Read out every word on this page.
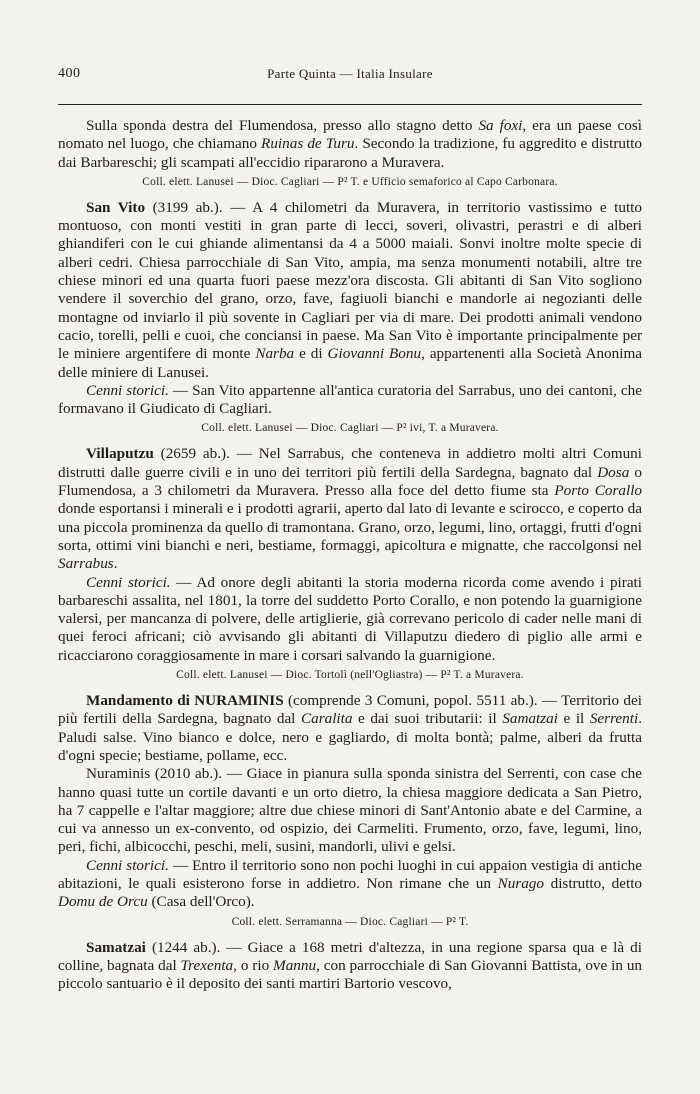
400	Parte Quinta — Italia Insulare

Sulla sponda destra del Flumendosa, presso allo stagno detto Sa foxi, era un paese così nomato nel luogo, che chiamano Ruinas de Turu. Secondo la tradizione, fu aggredito e distrutto dai Barbareschi; gli scampati all'eccidio ripararono a Muravera.

Coll. elett. Lanusei — Dioc. Cagliari — P² T. e Ufficio semaforico al Capo Carbonara.

San Vito (3199 ab.). — A 4 chilometri da Muravera, in territorio vastissimo e tutto montuoso, con monti vestiti in gran parte di lecci, soveri, olivastri, perastri e di alberi ghiandiferi con le cui ghiande alimentansi da 4 a 5000 maiali. Sonvi inoltre molte specie di alberi cedri. Chiesa parrocchiale di San Vito, ampia, ma senza monumenti notabili, altre tre chiese minori ed una quarta fuori paese mezz'ora discosta. Gli abitanti di San Vito sogliono vendere il soverchio del grano, orzo, fave, fagiuoli bianchi e mandorle ai negozianti delle montagne od inviarlo il più sovente in Cagliari per via di mare. Dei prodotti animali vendono cacio, torelli, pelli e cuoi, che conciansi in paese. Ma San Vito è importante principalmente per le miniere argentifere di monte Narba e di Giovanni Bonu, appartenenti alla Società Anonima delle miniere di Lanusei.

Cenni storici. — San Vito appartenne all'antica curatoria del Sarrabus, uno dei cantoni, che formavano il Giudicato di Cagliari.

Coll. elett. Lanusei — Dioc. Cagliari — P² ivi, T. a Muravera.

Villaputzu (2659 ab.). — Nel Sarrabus, che conteneva in addietro molti altri Comuni distrutti dalle guerre civili e in uno dei territori più fertili della Sardegna, bagnato dal Dosa o Flumendosa, a 3 chilometri da Muravera. Presso alla foce del detto fiume sta Porto Corallo donde esportansi i minerali e i prodotti agrarii, aperto dal lato di levante e scirocco, e coperto da una piccola prominenza da quello di tramontana. Grano, orzo, legumi, lino, ortaggi, frutti d'ogni sorta, ottimi vini bianchi e neri, bestiame, formaggi, apicoltura e mignatte, che raccolgonsi nel Sarrabus.

Cenni storici. — Ad onore degli abitanti la storia moderna ricorda come avendo i pirati barbareschi assalita, nel 1801, la torre del suddetto Porto Corallo, e non potendo la guarnigione valersi, per mancanza di polvere, delle artiglierie, già correvano pericolo di cader nelle mani di quei feroci africani; ciò avvisando gli abitanti di Villaputzu diedero di piglio alle armi e ricacciarono coraggiosamente in mare i corsari salvando la guarnigione.

Coll. elett. Lanusei — Dioc. Tortolì (nell'Ogliastra) — P² T. a Muravera.

Mandamento di NURAMINIS (comprende 3 Comuni, popol. 5511 ab.). — Territorio dei più fertili della Sardegna, bagnato dal Caralita e dai suoi tributarii: il Samatzai e il Serrenti. Paludi salse. Vino bianco e dolce, nero e gagliardo, di molta bontà; palme, alberi da frutta d'ogni specie; bestiame, pollame, ecc.

Nuraminis (2010 ab.). — Giace in pianura sulla sponda sinistra del Serrenti, con case che hanno quasi tutte un cortile davanti e un orto dietro, la chiesa maggiore dedicata a San Pietro, ha 7 cappelle e l'altar maggiore; altre due chiese minori di Sant'Antonio abate e del Carmine, a cui va annesso un ex-convento, od ospizio, dei Carmeliti. Frumento, orzo, fave, legumi, lino, peri, fichi, albicocchi, peschi, meli, susini, mandorli, ulivi e gelsi.

Cenni storici. — Entro il territorio sono non pochi luoghi in cui appaion vestigia di antiche abitazioni, le quali esisterono forse in addietro. Non rimane che un Nurago distrutto, detto Domu de Orcu (Casa dell'Orco).

Coll. elett. Serramanna — Dioc. Cagliari — P² T.

Samatzai (1244 ab.). — Giace a 168 metri d'altezza, in una regione sparsa qua e là di colline, bagnata dal Trexenta, o rio Mannu, con parrocchiale di San Giovanni Battista, ove in un piccolo santuario è il deposito dei santi martiri Bartorio vescovo,
